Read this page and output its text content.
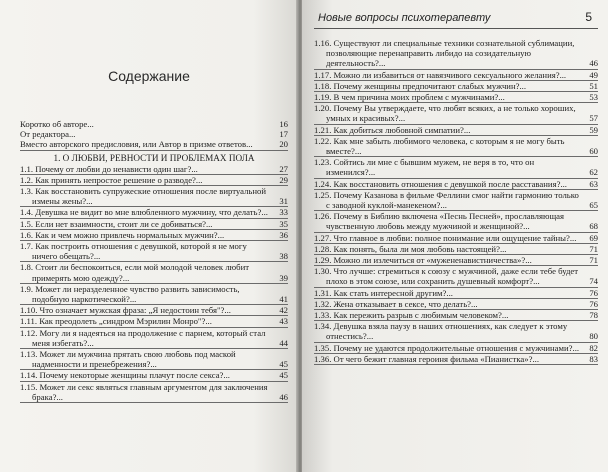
Содержание
Коротко об авторе...	16
От редактора...	17
Вместо авторского предисловия, или Автор в призме ответов...	20
1. О ЛЮБВИ, РЕВНОСТИ И ПРОБЛЕМАХ ПОЛА
1.1. Почему от любви до ненависти один шаг?...	27
1.2. Как принять непростое решение о разводе?...	29
1.3. Как восстановить супружеские отношения после виртуальной измены жены?...	31
1.4. Девушка не видит во мне влюбленного мужчину, что делать?... 33
1.5. Если нет взаимности, стоит ли се добиваться?...	35
1.6. Как и чем можно привлечь нормальных мужчин?...	36
1.7. Как построить отношения с девушкой, которой я не могу ничего обещать?...	38
1.8. Стоит ли беспокоиться, если мой молодой человек любит примерять мою одежду?...	39
1.9. Может ли неразделенное чувство развить зависимость, подобную наркотической?...	41
1.10. Что означает мужская фраза: „Я недостоин тебя"?...	42
1.11. Как преодолеть „синдром Мэрилин Монро"?...	43
1.12. Могу ли я надеяться на продолжение с парнем, который стал меня избегать?...	44
1.13. Может ли мужчина прятать свою любовь под маской надменности и пренебрежения?...	45
1.14. Почему некоторые женщины плачут после секса?...	45
1.15. Может ли секс являться главным аргументом для заключения брака?...	46
Новые вопросы психотерапевту	5
1.16. Существуют ли специальные техники сознательной сублимации, позволяющие перенаправить либидо на созидательную деятельность?...	46
1.17. Можно ли избавиться от навязчивого сексуального желания?...	49
1.18. Почему женщины предпочитают слабых мужчин?...	51
1.19. В чем причина моих проблем с мужчинами?...	53
1.20. Почему Вы утверждаете, что любят всяких, а не только хороших, умных и красивых?...	57
1.21. Как добиться любовной симпатии?...	59
1.22. Как мне забыть любимого человека, с которым я не могу быть вместе?...	60
1.23. Сойтись ли мне с бывшим мужем, не веря в то, что он изменился?...	62
1.24. Как восстановить отношения с девушкой после расставания?...	63
1.25. Почему Казанова в фильме Феллини смог найти гармонию только с заводной куклой-манекеном?...	65
1.26. Почему в Библию включена «Песнь Песней», прославляющая чувственную любовь между мужчиной и женщиной?...	68
1.27. Что главное в любви: полное понимание или ощущение тайны?... 69
1.28. Как понять, была ли моя любовь настоящей?...	71
1.29. Можно ли излечиться от «мужененавистничества»?...	71
1.30. Что лучше: стремиться к союзу с мужчиной, даже если тебе будет плохо в этом союзе, или сохранить душевный комфорт?...	74
1.31. Как стать интересной другим?...	76
1.32. Жена отказывает в сексе, что делать?...	76
1.33. Как пережить разрыв с любимым человеком?...	78
1.34. Девушка взяла паузу в наших отношениях, как следует к этому отнестись?...	80
1.35. Почему не удаются продолжительные отношения с мужчинами?... 82
1.36. От чего бежит главная героиня фильма «Пианистка»?...	83
